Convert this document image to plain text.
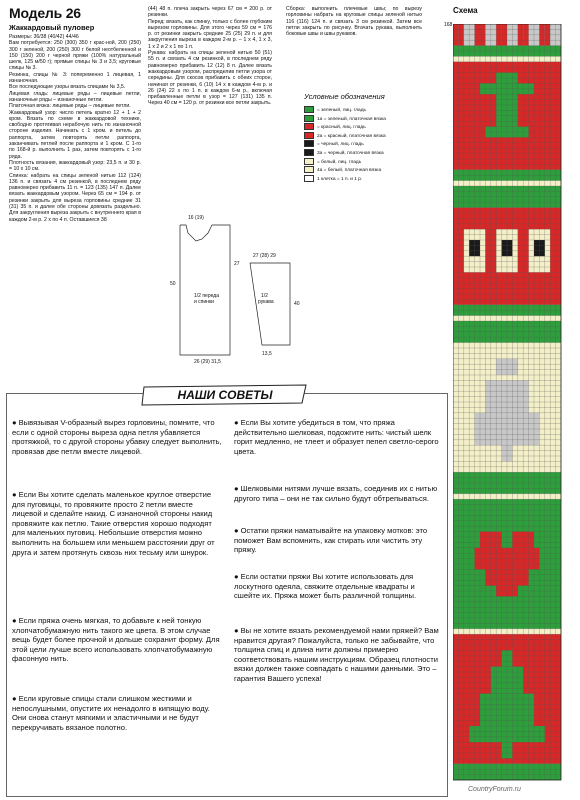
Модель 26
Жаккардовый пуловер

Размеры: 36/38 (40/42) 44/46

Вам потребуется: 250 (300) 350 г крас-ной, 200 (250) 300 г зеленой, 200 (250) 300 г белой неотбеленной и 150 (150) 200 г черной пряжи (100% натуральный шелк, 125 м/50 г); прямые спицы № 3 и 3,5; круговые спицы № 3.

Резинка, спицы № 3: попеременно 1 лицевая, 1 изнаночная.

Все последующие узоры вязать спицами № 3,5.

Лицевая гладь: лицевые ряды – лицевые петли, изнаночные ряды – изнаночные петли.

Платочная вязка: лицевые ряды – лицевые петли.

Жаккардовый узор: число петель кратно 12 + 1 + 2 кром. Вязать по схеме в жаккардовой технике, свободно протягивая нерабочую нить по изнаночной стороне изделия. Начинать с 1 кром. и петель до раппорта, затем повторять петли раппорта, заканчивать петлей после раппорта и 1 кром. С 1-го по 168-й р. выполнить 1 раз, затем повторять с 1-го ряда.

Плотность вязания, жаккардовый узор: 23,5 п. и 30 р. = 10 х 10 см.

Спинка: набрать на спицы зеленой нитью 112 (124) 136 п. и связать 4 см резинкой, в последнем ряду равномерно прибавить 11 п. = 123 (135) 147 п. Далее вязать жаккардовым узором. Через 65 см = 194 р. от резинки закрыть для выреза горловины средние 31 (31) 35 п. и далее обе стороны довязать раздельно. Для закругления выреза закрыть с внутреннего края в каждом 2-м р. 2 х по 4 п. Оставшиеся 38

(44) 48 п. плеча закрыть через 67 см = 200 р. от резинки.

Перед: вязать, как спинку, только с более глубоким вырезом горловины. Для этого через 59 см = 176 р. от резинки закрыть средние 25 (25) 29 п. и для закругления выреза в каждом 2-м р. – 1 х 4, 1 х 3, 1 х 2 и 2 х 1 по 1 п.

Рукава: набрать на спицы зеленой нитью 50 (51) 55 п. и связать 4 см резинкой, в последнем ряду равномерно прибавить 12 (12) 8 п. Далее вязать жаккардовым узором, распределив петли узора от середины. Для скосов прибавить с обеих сторон, начиная от резинки, 6 (10) 14 х в каждом 4-м р. и 26 (24) 22 х по 1 п. в каждом 6-м р., включая прибавленные петли в узор = 127 (131) 135 п. Через 40 см = 120 р. от резинки все петли закрыть.

Сборка: выполнить плечевые швы; по вырезу горловины набрать на круговые спицы зеленой нитью 116 (116) 124 п. и связать 3 см резинкой. Затем все петли закрыть по рисунку. Втачать рукава, выполнить боковые швы и швы рукавов.

16 (19)
1/2 переда и спинки
1/2 рукава
26 (29) 31,5
27 (28) 29
13,5
50
27
40
Условные обозначения
= зеленый, лиц. гладь
1a = зеленый, платочная вязка
= красный, лиц. гладь
2a = красный, платочная вязка
= черный, лиц. гладь
3a = черный, платочная вязка
= белый, лиц. гладь
4a = белый, платочная вязка
1 клетка = 1 п. и 1 р.
Схема
168
НАШИ СОВЕТЫ
● Вывязывая V-образный вырез горловины, помните, что если с одной стороны выреза одна петля убавляется протяжкой, то с другой стороны убавку следует выполнить, провязав две петли вместе лицевой.
● Если Вы хотите сделать маленькое круглое отверстие для пуговицы, то провяжите просто 2 петли вместе лицевой и сделайте накид. С изнаночной стороны накид провяжите как петлю. Такие отверстия хорошо подходят для маленьких пуговиц. Небольшие отверстия можно выполнить на большем или меньшем расстоянии друг от друга и затем протянуть сквозь них тесьму или шнурок.
● Если пряжа очень мягкая, то добавьте к ней тонкую хлопчатобумажную нить такого же цвета. В этом случае вещь будет более прочной и дольше сохранит форму. Для этой цели лучше всего использовать хлопчатобумажную фасонную нить.
● Если круговые спицы стали слишком жесткими и непослушными, опустите их ненадолго в кипящую воду. Они снова станут мягкими и эластичными и не будут перекручивать вязаное полотно.
● Если Вы хотите убедиться в том, что пряжа действительно шелковая, подожгите нить: чистый шелк горит медленно, не тлеет и образует пепел светло-серого цвета.
● Шелковыми нитями лучше вязать, соединив их с нитью другого типа – они не так сильно будут обтрепываться.
● Остатки пряжи наматывайте на упаковку мотков: это поможет Вам вспомнить, как стирать или чистить эту пряжу.
● Если остатки пряжи Вы хотите использовать для лоскутного одеяла, свяжите отдельные квадраты и сшейте их. Пряжа может быть различной толщины.
● Вы не хотите вязать рекомендуемой нами пряжей? Вам нравится другая? Пожалуйста, только не забывайте, что толщина спиц и длина нити должны примерно соответствовать нашим инструкциям. Образец плотности вязки должен также совпадать с нашими данными. Это – гарантия Вашего успеха!
CountryForum.ru
